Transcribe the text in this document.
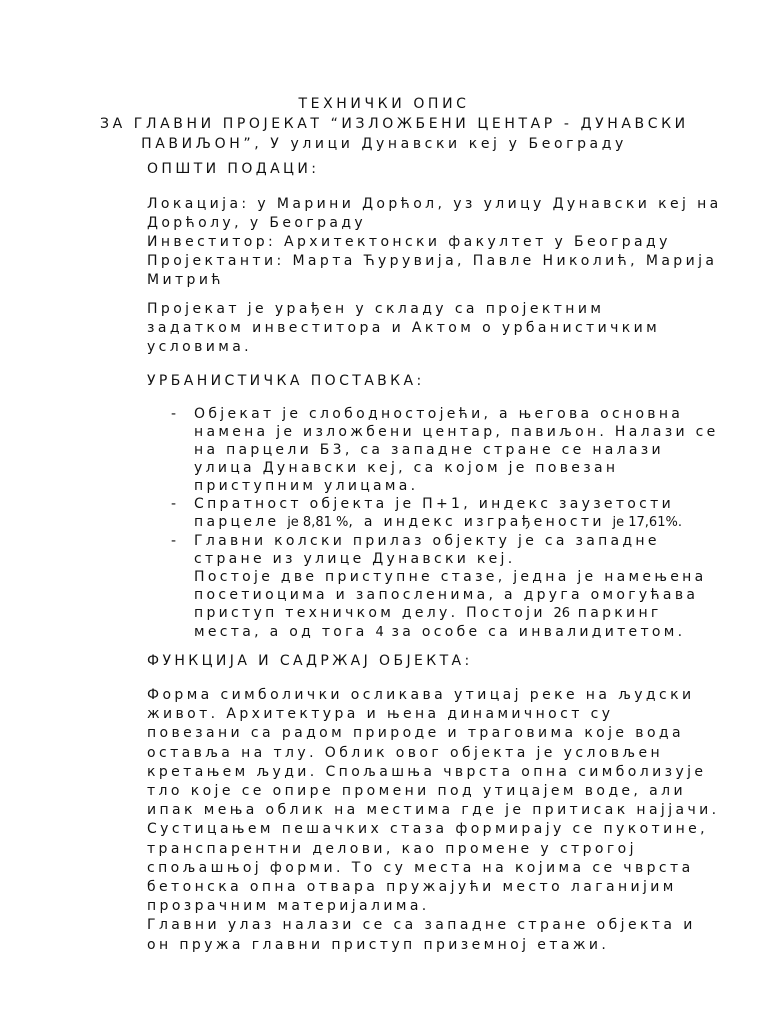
ТЕХНИЧКИ ОПИС
ЗА ГЛАВНИ ПРОЈЕКАТ “ИЗЛОЖБЕНИ ЦЕНТАР - ДУНАВСКИ
ПАВИЉОН”, У улици Дунавски кеј у Београду
ОПШТИ ПОДАЦИ:
Локација: у Марини Дорћол, уз улицу Дунавски кеј на
Дорћолу, у Београду
Инвеститор: Архитектонски факултет у Београду
Пројектанти: Марта Ћурувија, Павле Николић, Марија
Митрић
Пројекат је урађен у складу са пројектним
задатком инвеститора и Актом о урбанистичким
условима.
УРБАНИСТИЧКА ПОСТАВКА:
- Објекат је слободностојећи, а његова основна
намена је изложбени центар, павиљон. Налази се
на парцели Б3, са западне стране се налази
улица Дунавски кеј, са којом је повезан
приступним улицама.
- Спратност објекта је П+1, индекс заузетости
парцеле је 8,81 %, а индекс изграђености је 17,61%.
- Главни колски прилаз објекту је са западне
стране из улице Дунавски кеј.
Постоје две приступне стазе, једна је намењена
посетиоцима и запосленима, а друга омогућава
приступ техничком делу. Постоји 26 паркинг
места, а од тога 4 за особе са инвалидитетом.
ФУНКЦИЈА И САДРЖАЈ ОБЈЕКТА:
Форма симболички осликава утицај реке на људски
живот. Архитектура и њена динамичност су
повезани са радом природе и траговима које вода
оставља на тлу. Облик овог објекта је условљен
кретањем људи. Спољашња чврста опна симболизује
тло које се опире промени под утицајем воде, али
ипак мења облик на местима где је притисак најјачи.
Сустицањем пешачких стаза формирају се пукотине,
транспарентни делови, као промене у строгој
спољашњој форми. То су места на којима се чврста
бетонска опна отвара пружајући место лаганијим
прозрачним материјалима.
Главни улаз налази се са западне стране објекта и
он пружа главни приступ приземној етажи.
